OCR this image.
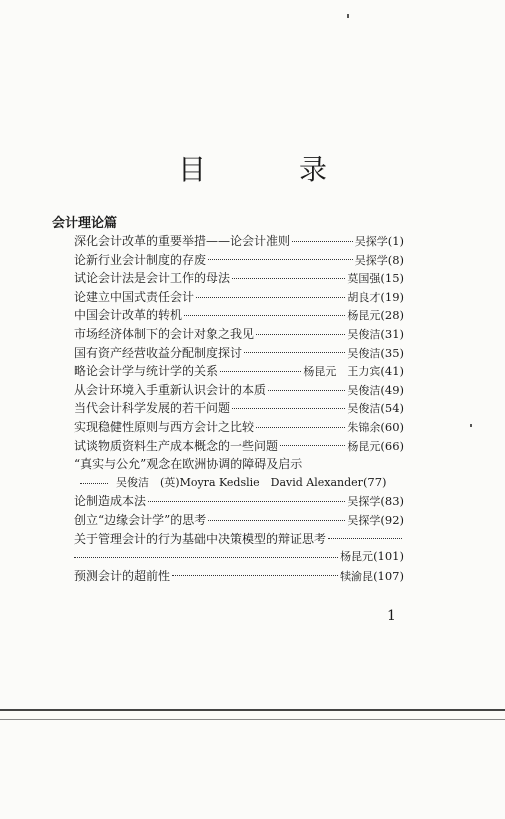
目 录
会计理论篇
深化会计改革的重要举措——论会计准则	吴探学 (1)
论新行业会计制度的存废	吴探学 (8)
试论会计法是会计工作的母法	莫国强 (15)
论建立中国式责任会计	胡良才 (19)
中国会计改革的转机	杨昆元 (28)
市场经济体制下的会计对象之我见	吴俊洁 (31)
国有资产经营收益分配制度探讨	吴俊洁 (35)
略论会计学与统计学的关系	杨昆元　王力宾 (41)
从会计环境入手重新认识会计的本质	吴俊洁 (49)
当代会计科学发展的若干问题	吴俊洁 (54)
实现稳健性原则与西方会计之比较	朱锦余 (60)
试谈物质资料生产成本概念的一些问题	杨昆元 (66)
“真实与公允”观念在欧洲协调的障碍及启示
吴俊洁　(英)Moyra Kedslie　David Alexander (77)
论制造成本法	吴探学 (83)
创立“边缘会计学”的思考	吴探学 (92)
关于管理会计的行为基础中决策模型的辩证思考
杨昆元 (101)
预测会计的超前性	犊渝昆 (107)
1
